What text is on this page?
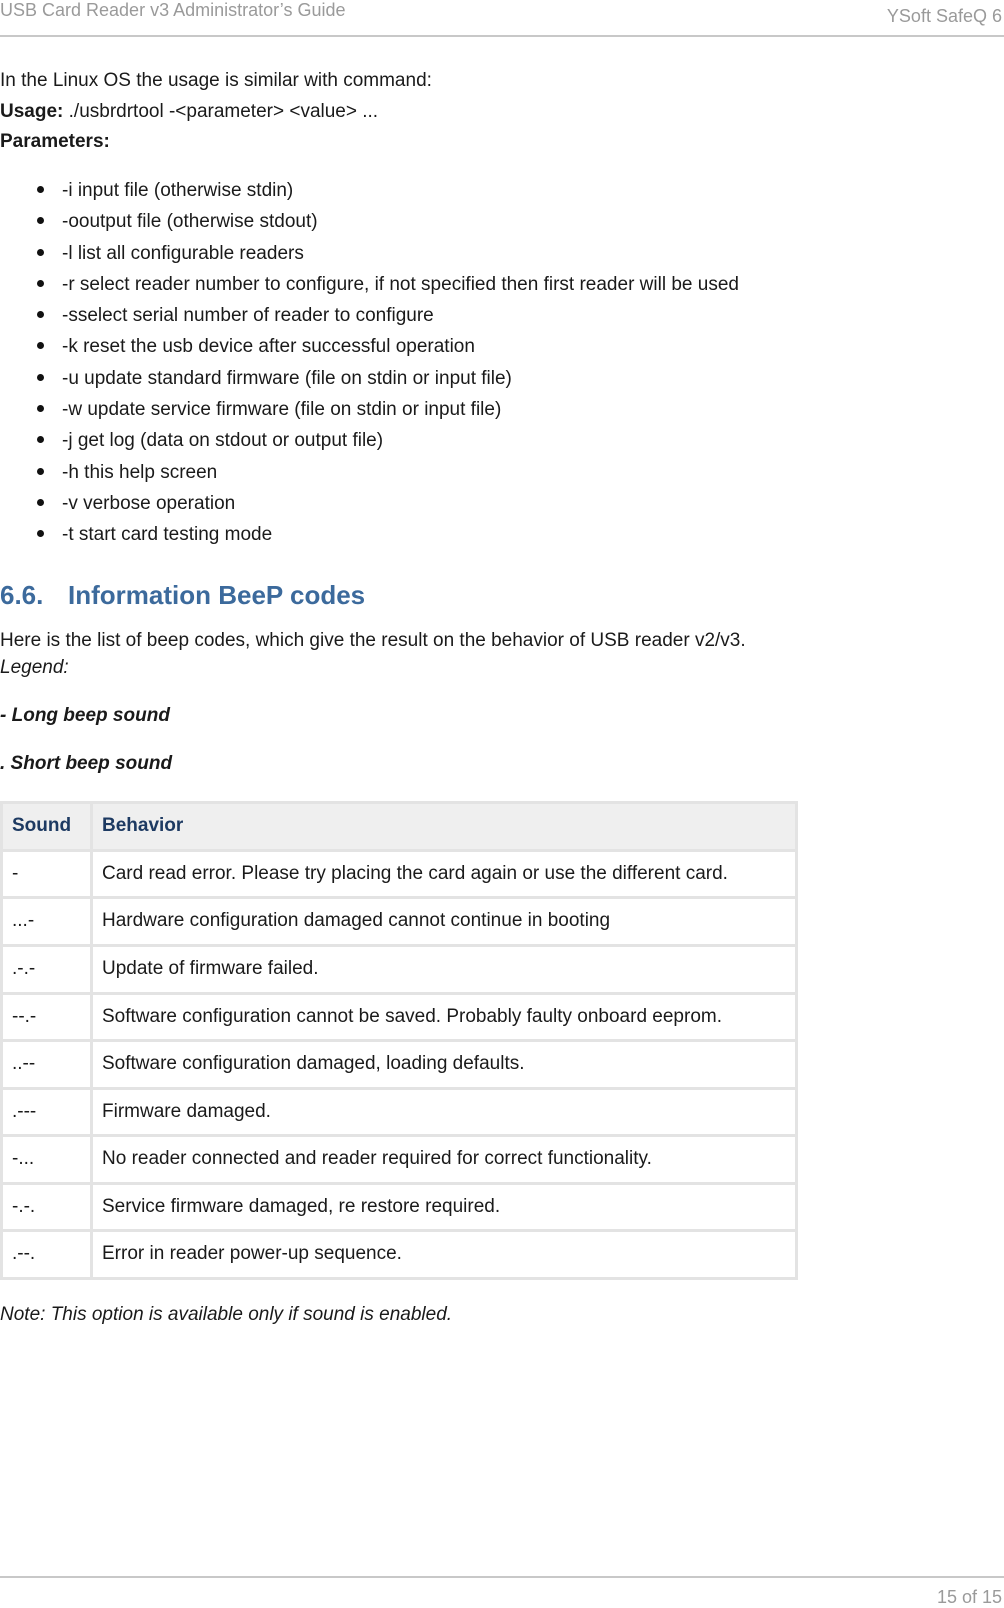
USB Card Reader v3 Administrator’s Guide	YSoft SafeQ 6

In the Linux OS the usage is similar with command:

Usage: ./usbrdrtool -<parameter> <value> ...

Parameters:

-i input file (otherwise stdin)
-ooutput file (otherwise stdout)
-l list all configurable readers
-r select reader number to configure, if not specified then first reader will be used
-sselect serial number of reader to configure
-k reset the usb device after successful operation
-u update standard firmware (file on stdin or input file)
-w update service firmware (file on stdin or input file)
-j get log (data on stdout or output file)
-h this help screen
-v verbose operation
-t start card testing mode
6.6. Information BeeP codes

Here is the list of beep codes, which give the result on the behavior of USB reader v2/v3.

Legend:

- Long beep sound

. Short beep sound

Sound	Behavior
-	Card read error. Please try placing the card again or use the different card.
...-	Hardware configuration damaged cannot continue in booting
.-.-	Update of firmware failed.
--.-	Software configuration cannot be saved. Probably faulty onboard eeprom.
..--	Software configuration damaged, loading defaults.
.---	Firmware damaged.
-...	No reader connected and reader required for correct functionality.
-.-.	Service firmware damaged, re restore required.
.--.	Error in reader power-up sequence.

Note: This option is available only if sound is enabled.

15 of 15
